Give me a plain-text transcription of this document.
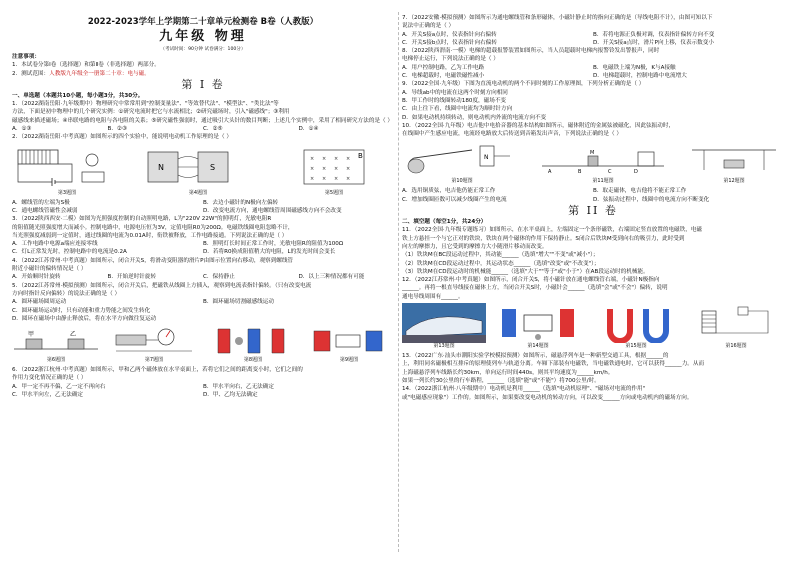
2022-2023学年上学期第二十章单元检测卷 B卷（人教版）
九年级 物理
（考试时间：90分钟 试卷满分：100分）
注意事项：
1．本试卷分第Ⅰ卷（选择题）和第Ⅱ卷（非选择题）两部分。
2．测试范围：人教版九年级全一册第二十章：电与磁。
第 I 卷
一、单选题（本题共10小题，每小题3分，共30分。
1．（2022湖南岳阳·九年级期中）物理研究中常常用到"控制变量法"、"等效替代法"、"模型法"、"类比法"等
方法，下面是初中物理中的几个研究实例：①研究电流时把它与水流相比；②研究磁场时，引入"磁感线"；③利用
磁感线来描述磁场；④串联电路的电阻与各电阻的关系；⑤研究磁性强弱时，通过吸引大头针的数目判断；上述几个实例中，采用了相同研究方法的是（ ）
A．①③	B．②③	C．②⑤	D．①④
2．（2022湖南岳阳·中考真题）如图所示的四个实验中，能说明电动机工作原理的是（ ）
第3题图
N	S
第4题图
× × × ×
× × × ×
× × × ×
B
第5题图
A．螺线管的左端为S极	B．去边小磁针的N极向左偏转
C．通电螺线管磁性会减弱	D．改变电流方向，通电螺线管周围磁感线方向不会改变
3．（2022陕西西安·二模）如图为光照强度控制的自动照明电路，L为"220V 22W"的照明灯，光敏电阻R
的阻值随光照强度增大而减小。控制电路中，电源电压恒为3V，定值电阻R0为200Ω。电磁铁线圈电阻忽略不计，
当光照强度减弱到一定值时，通过线圈的电流为0.01A时，衔铁被释放，工作电路接通。下列说法正确的是（ ）
A．工作电路中电源a端应连接零线	B．照明灯长时间正常工作时，光敏电阻R的阻值为100Ω
C．灯L正常发光时，控制电路中的电流是0.2A	D．若将R0换成阻值稍大的电阻，L的发光时间会变长
4．（2022江苏常州·中考真题）如图所示，闭合开关S，将滑动变阻器的滑片P由图示位置向右移动，观察到螺线管
附近小磁针的偏转情况是（ ）
A．开始顺时针旋转	B．开始逆时针旋转	C．保持静止	D．以上三种情况都有可能
5．（2022江苏常州·模拟预测）如图所示，闭合开关后，把磁铁从线圈上方插入，观察到电流表指针偏转。（只有改变电流
方向时指针反向偏转）的说法正确的是（ ）
A．圆环磁场圆周运动	B．圆环磁场切割磁感线运动
C．圆环磁场运动时，只有动能和重力势能之间发生转化
D．圆环在磁场中由静止释放后，将在水平方向做往复运动
甲	乙
第6题图	第7题图	第8题图	第9题图
6．（2022浙江杭州·中考真题）如图所示，甲和乙两个磁体放在水平桌面上，若将它们之间的距离变小时，它们之间的
作用力变化情况正确的是（ ）
A．甲一定不再不偏，乙一定不再向右	B．甲水平向右，乙无法确定
C．甲水平向左，乙无法确定	D．甲、乙均无法确定
7．（2022安徽·模拟预测）如图所示为通电螺线管和条形磁体，小磁针静止时的指向正确的是（导线电阻不计），由图可知以下
说法中正确的是（ ）
A．开关S接a点时，仪表指针向右偏转	B．若将电源正负极对调，仪表指针偏转方向不变
C．开关S接b点时，仪表指针向右偏转	D．开关S接a点时，滑片P向上移，仪表示数变小
8．（2022陕西渭南·一模）电梯的超载报警装置如图所示，当人员超载时电梯内报警铃发出警报声，同时
电梯停止运行，下列说法正确的是（ ）
A．用户控制电路，乙为工作电路	B．电磁铁上端为N极，K与A接触
C．电梯超载时，电磁铁磁性减小	D．电梯超载时，控制电路中电流增大
9．（2022全国·九年级）下图为直流电动机的两个不同时刻的工作原理图，下列分析正确的是（ ）
A．导线ab中的电流在这两个时刻方向相同
B．甲工作时的线圈转动180度，磁场不变
C．由上往下看，线圈中电流均为顺时针方向
D．如果电动机持续转动，则电动机内外流的电流方向不变
10．（2022全国·九年级）电吉他中电拾音器的基本结构如图所示，磁体附近的金属弦被磁化，因此弦振动时，
在线圈中产生感应电流，电流经电路放大后传送到音箱发出声音，下列说法正确的是（ ）
N
第10题图
M
A	B	C	D
第11题图	第12题图
A．选用铜质弦，电吉他仍能正常工作	B．取走磁体，电吉他将不能正常工作
C．增加线圈匝数可以减少线圈产生的电流	D．弦振动过程中，线圈中的电流方向不断变化
第 II 卷
二、填空题（每空1分，共24分）
11．（2022全国·九年级专题练习）如图所示，在水平桌面上，左端固定一个条形磁铁，右端固定竖直放置的电磁铁，电磁
铁上方悬挂一个与它正对的铁块，铁块在两个磁体的作用下保持静止。S闭合后铁块M受到向右的吸引力，此时受到
向左的摩擦力，且它受到的摩擦力大小随滑片移动而改变。
（1）铁块M在BC段运动过程中，其动能______（选填"增大""不变"或"减小"）；
（2）铁块M在CD段运动过程中，其运动状态______（选填"改变"或"不改变"）；
（3）铁块M在CD段运动时的机械能______（选填"大于""等于"或"小于"）在AB段运动时的机械能。
12．（2022江苏常州·中考真题）如图所示，闭合开关S，将小磁针放在通电螺线管右端，小磁针N极指向
______。再将一根直导线接在磁体上方，当闭合开关S时，小磁针会______（选填"会"或"不会"）偏转，说明
通电导线周围有______。
第13题图	第14题图	第15题图	第16题图
13．（2022广东·汕头市潮阳实验学校模拟预测）如图所示，磁悬浮列车是一种新型交通工具，根据______的
上，利用同名磁极相互排斥的原理使列车与轨道分离。车厢下部装有电磁铁，当电磁铁通电时，它可以获得______力。从而
上海磁悬浮列车线路长约30km，单向运行时间440s，则其平均速度为______km/h。
如果一列长约30公里的行车路程，______（选填"能"或"不能"）将700公里/时。
14．（2022浙江杭州·八年级期中）电动机是利用______（选填"电动机原理"、"磁场对电流的作用"
或"电磁感应现象"）工作的。如图所示，如果要改变电动机的转动方向，可以改变______方向或电动机内的磁场方向。
